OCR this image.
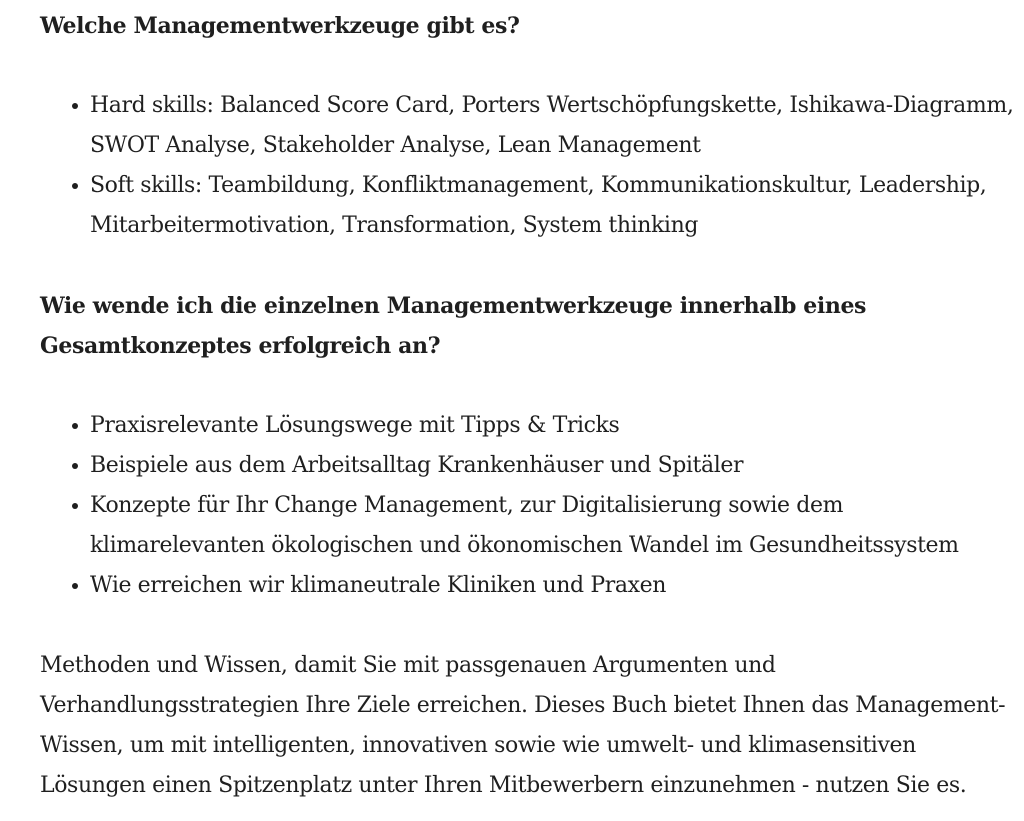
Welche Managementwerkzeuge gibt es?
Hard skills: Balanced Score Card, Porters Wertschöpfungskette, Ishikawa-Diagramm, SWOT Analyse, Stakeholder Analyse, Lean Management
Soft skills: Teambildung, Konfliktmanagement, Kommunikationskultur, Leadership, Mitarbeitermotivation, Transformation, System thinking
Wie wende ich die einzelnen Managementwerkzeuge innerhalb eines Gesamtkonzeptes erfolgreich an?
Praxisrelevante Lösungswege mit Tipps & Tricks
Beispiele aus dem Arbeitsalltag Krankenhäuser und Spitäler
Konzepte für Ihr Change Management, zur Digitalisierung sowie dem klimarelevanten ökologischen und ökonomischen Wandel im Gesundheitssystem
Wie erreichen wir klimaneutrale Kliniken und Praxen

Methoden und Wissen, damit Sie mit passgenauen Argumenten und Verhandlungsstrategien Ihre Ziele erreichen. Dieses Buch bietet Ihnen das Management-Wissen, um mit intelligenten, innovativen sowie wie umwelt- und klimasensitiven Lösungen einen Spitzenplatz unter Ihren Mitbewerbern einzunehmen - nutzen Sie es.
